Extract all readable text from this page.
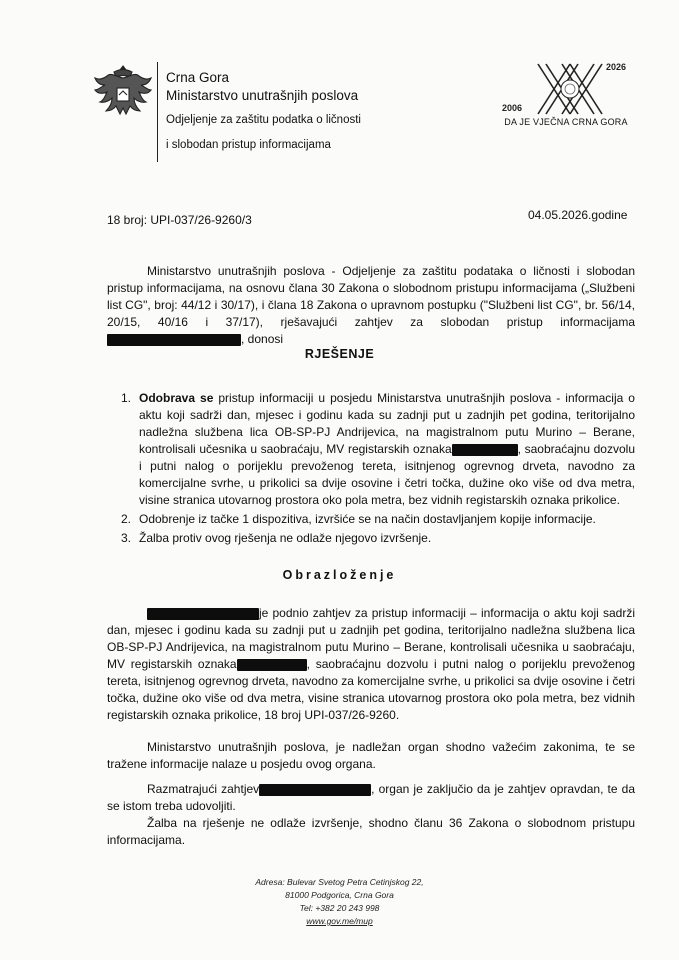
Crna Gora
Ministarstvo unutrašnjih poslova
Odjeljenje za zaštitu podatka o ličnosti
i slobodan pristup informacijama
2006
2026
DA JE VJEČNA CRNA GORA
18 broj: UPI-037/26-9260/3	04.05.2026.godine

Ministarstvo unutrašnjih poslova - Odjeljenje za zaštitu podataka o ličnosti i slobodan pristup informacijama, na osnovu člana 30 Zakona o slobodnom pristupu informacijama („Službeni list CG", broj: 44/12 i 30/17), i člana 18 Zakona o upravnom postupku ("Službeni list CG", br. 56/14, 20/15, 40/16 i 37/17), rješavajući zahtjev za slobodan pristup informacijama, donosi

RJEŠENJE
1. Odobrava se pristup informaciji u posjedu Ministarstva unutrašnjih poslova - informacija o aktu koji sadrži dan, mjesec i godinu kada su zadnji put u zadnjih pet godina, teritorijalno nadležna službena lica OB-SP-PJ Andrijevica, na magistralnom putu Murino – Berane, kontrolisali učesnika u saobraćaju, MV registarskih oznaka	, saobraćajnu dozvolu i putni nalog o porijeklu prevoženog tereta, isitnjenog ogrevnog drveta, navodno za komercijalne svrhe, u prikolici sa dvije osovine i četri točka, dužine oko više od dva metra, visine stranica utovarnog prostora oko pola metra, bez vidnih registarskih oznaka prikolice.
2. Odobrenje iz tačke 1 dispozitiva, izvršiće se na način dostavljanjem kopije informacije.
3. Žalba protiv ovog rješenja ne odlaže njegovo izvršenje.
Obrazloženje

je podnio zahtjev za pristup informaciji – informacija o aktu koji sadrži dan, mjesec i godinu kada su zadnji put u zadnjih pet godina, teritorijalno nadležna službena lica OB-SP-PJ Andrijevica, na magistralnom putu Murino – Berane, kontrolisali učesnika u saobraćaju, MV registarskih oznaka	, saobraćajnu dozvolu i putni nalog o porijeklu prevoženog tereta, isitnjenog ogrevnog drveta, navodno za komercijalne svrhe, u prikolici sa dvije osovine i četri točka, dužine oko više od dva metra, visine stranica utovarnog prostora oko pola metra, bez vidnih registarskih oznaka prikolice, 18 broj UPI-037/26-9260.

Ministarstvo unutrašnjih poslova, je nadležan organ shodno važećim zakonima, te se tražene informacije nalaze u posjedu ovog organa.

Razmatrajući zahtjev	, organ je zaključio da je zahtjev opravdan, te da se istom treba udovoljiti.

Žalba na rješenje ne odlaže izvršenje, shodno članu 36 Zakona o slobodnom pristupu informacijama.

Adresa: Bulevar Svetog Petra Cetinjskog 22,
81000 Podgorica, Crna Gora
Tel: +382 20 243 998
www.gov.me/mup
